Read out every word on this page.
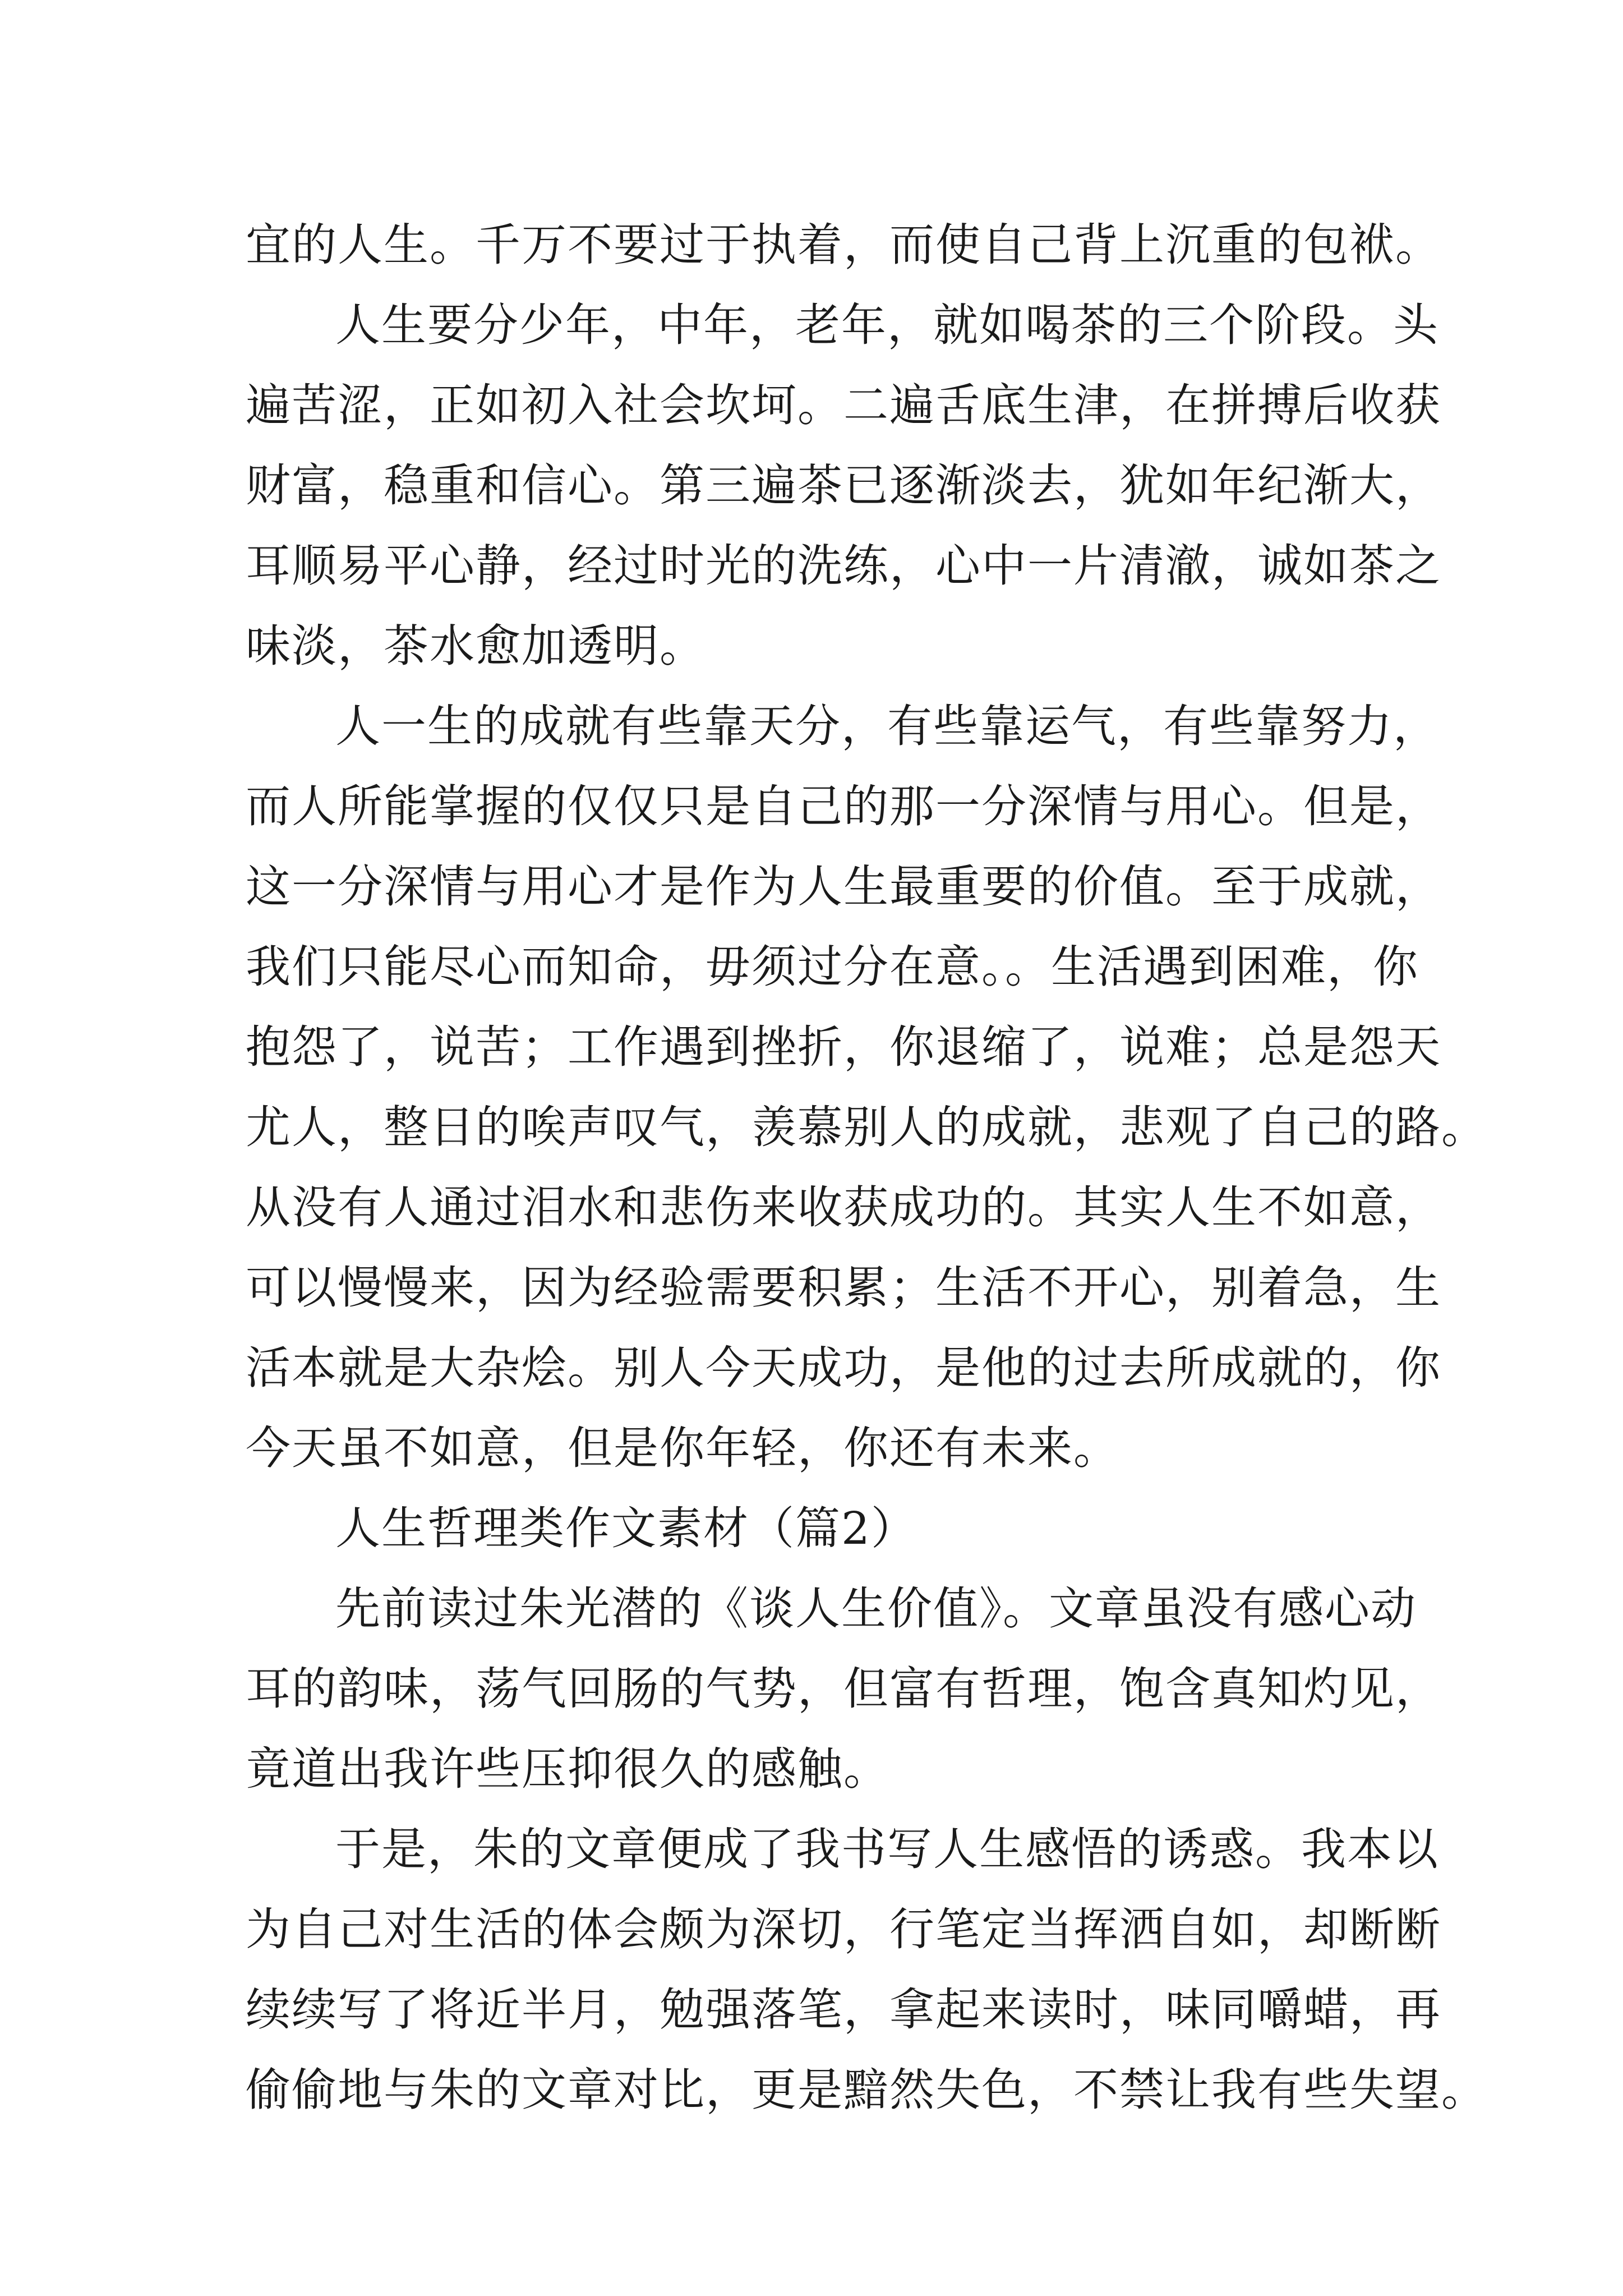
宜的人生。千万不要过于执着，而使自己背上沉重的包袱。
人生要分少年，中年，老年，就如喝茶的三个阶段。头
遍苦涩，正如初入社会坎坷。二遍舌底生津，在拼搏后收获
财富，稳重和信心。第三遍茶已逐渐淡去，犹如年纪渐大，
耳顺易平心静，经过时光的洗练，心中一片清澈，诚如茶之
味淡，茶水愈加透明。
人一生的成就有些靠天分，有些靠运气，有些靠努力，
而人所能掌握的仅仅只是自己的那一分深情与用心。但是，
这一分深情与用心才是作为人生最重要的价值。至于成就，
我们只能尽心而知命，毋须过分在意。。生活遇到困难，你
抱怨了，说苦；工作遇到挫折，你退缩了，说难；总是怨天
尤人，整日的唉声叹气，羡慕别人的成就，悲观了自己的路。
从没有人通过泪水和悲伤来收获成功的。其实人生不如意，
可以慢慢来，因为经验需要积累；生活不开心，别着急，生
活本就是大杂烩。别人今天成功，是他的过去所成就的，你
今天虽不如意，但是你年轻，你还有未来。
人生哲理类作文素材（篇2）
先前读过朱光潜的《谈人生价值》。文章虽没有感心动
耳的韵味，荡气回肠的气势，但富有哲理，饱含真知灼见，
竟道出我许些压抑很久的感触。
于是，朱的文章便成了我书写人生感悟的诱惑。我本以
为自己对生活的体会颇为深切，行笔定当挥洒自如，却断断
续续写了将近半月，勉强落笔，拿起来读时，味同嚼蜡，再
偷偷地与朱的文章对比，更是黯然失色，不禁让我有些失望。
